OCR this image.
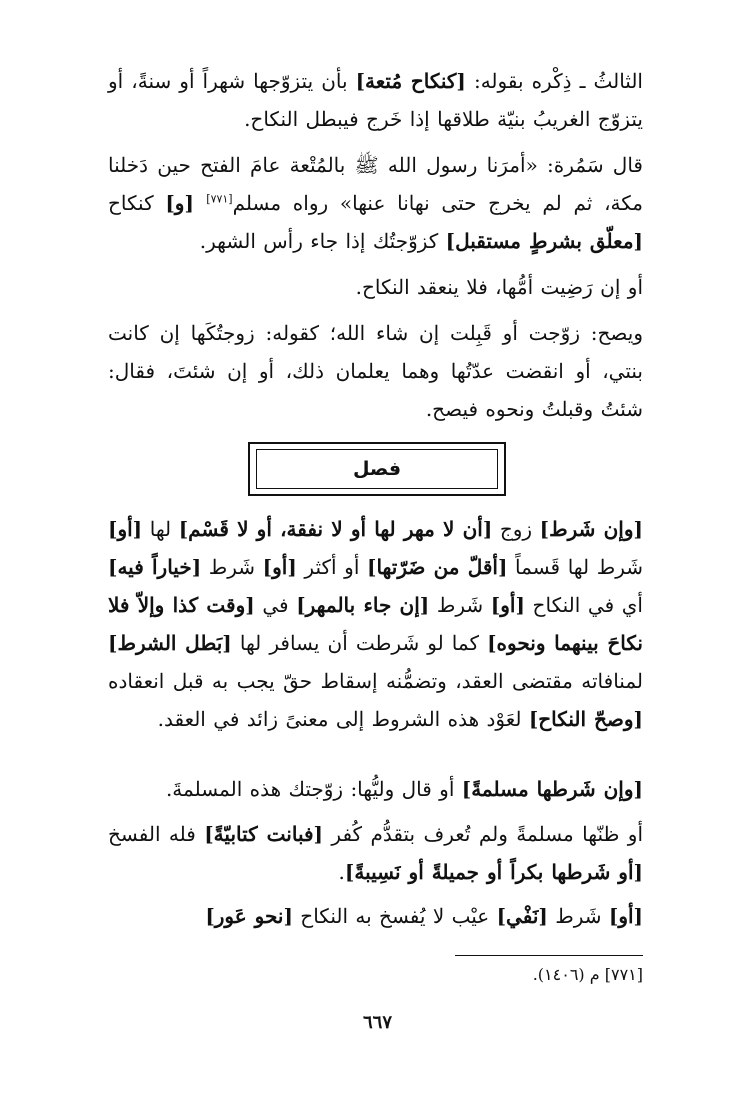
الثالثُ ـ ذِكْره بقوله: [كنكاح مُتعة] بأن يتزوّجها شهراً أو سنةً، أو يتزوّج الغريبُ بنيّة طلاقها إذا خَرج فيبطل النكاح.

قال سَمُرة: «أمرَنا رسول الله ﷺ بالمُتْعة عامَ الفتح حين دَخلنا مكة، ثم لم يخرج حتى نهانا عنها» رواه مسلم[٧٧١] [و] كنكاح [معلّق بشرطٍ مستقبل] كزوّجتُك إذا جاء رأس الشهر.

أو إن رَضِيت أمُّها، فلا ينعقد النكاح.

ويصح: زوّجت أو قَبِلت إن شاء الله؛ كقوله: زوجتُكَها إن كانت بنتي، أو انقضت عدّتُها وهما يعلمان ذلك، أو إن شئتَ، فقال: شئتُ وقبلتُ ونحوه فيصح.

فصل

[وإن شَرط] زوج [أن لا مهر لها أو لا نفقة، أو لا قَسْم] لها [أو] شَرط لها قَسماً [أقلّ من ضَرّتها] أو أكثر [أو] شَرط [خياراً فيه] أي في النكاح [أو] شَرط [إن جاء بالمهر] في [وقت كذا وإلاّ فلا نكاحَ بينهما ونحوه] كما لو شَرطت أن يسافر لها [بَطل الشرط] لمنافاته مقتضى العقد، وتضمُّنه إسقاط حقّ يجب به قبل انعقاده [وصحّ النكاح] لعَوْد هذه الشروط إلى معنىً زائد في العقد.

[وإن شَرطها مسلمةً] أو قال وليُّها: زوّجتك هذه المسلمةَ.

أو ظنّها مسلمةً ولم تُعرف بتقدُّم كُفر [فبانت كتابيّةً] فله الفسخ [أو شَرطها بكراً أو جميلةً أو نَسِيبةً].

[أو] شَرط [نَفْي] عيْب لا يُفسخ به النكاح [نحو عَور]

[٧٧١] م (١٤٠٦).
٦٦٧
